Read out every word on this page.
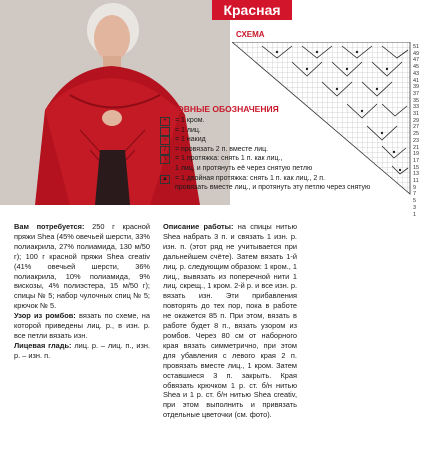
Красная
СХЕМА
51
49
47
45
43
41
39
37
35
33
31
29
27
25
23
21
19
17
15
13
11
9
7
5
3
1
УСЛОВНЫЕ ОБОЗНАЧЕНИЯ
•	= 1 кром.
= 1 лиц.
○	= 1 накид
/	= провязать 2 п. вместе лиц.
\	= 1 протяжка: снять 1 п. как лиц.,
1 лиц. и протянуть её через снятую петлю
▲ = 1 двойная протяжка: снять 1 п. как лиц., 2 п.
провязать вместе лиц., и протянуть эту петлю через снятую

Вам потребуется: 250 г красной пряжи Shea (45% овечьей шерсти, 33% полиакрила, 27% полиамида, 130 м/50 г); 100 г красной пряжи Shea creativ (41% овечьей шерсти, 36% полиакрила, 10% полиамида, 9% вискозы, 4% полиэстера, 15 м/50 г); спицы № 5; набор чулочных спиц № 5; крючок № 5.

Узор из ромбов: вязать по схеме, на которой приведены лиц. р., в изн. р. все петли вязать изн.

Лицевая гладь: лиц. р. – лиц. п., изн. р. – изн. п.

Описание работы: на спицы нитью Shea набрать 3 п. и связать 1 изн. р. изн. п. (этот ряд не учитывается при дальнейшем счёте). Затем вязать 1-й лиц. р. следующим образом: 1 кром., 1 лиц., вывязать из поперечной нити 1 лиц. скрещ., 1 кром. 2-й р. и все изн. р. вязать изн. Эти прибавления повторять до тех пор, пока в работе не окажется 85 п. При этом, вязать в работе будет 8 п., вязать узором из ромбов. Через 80 см от наборного края вязать симметрично, при этом для убавления с левого края 2 п. провязать вместе лиц., 1 кром. Затем оставшиеся 3 п. закрыть. Края обвязать крючком 1 р. ст. б/н нитью Shea и 1 р. ст. б/н нитью Shea creativ, при этом выполнить и привязать отдельные цветочки (см. фото).
